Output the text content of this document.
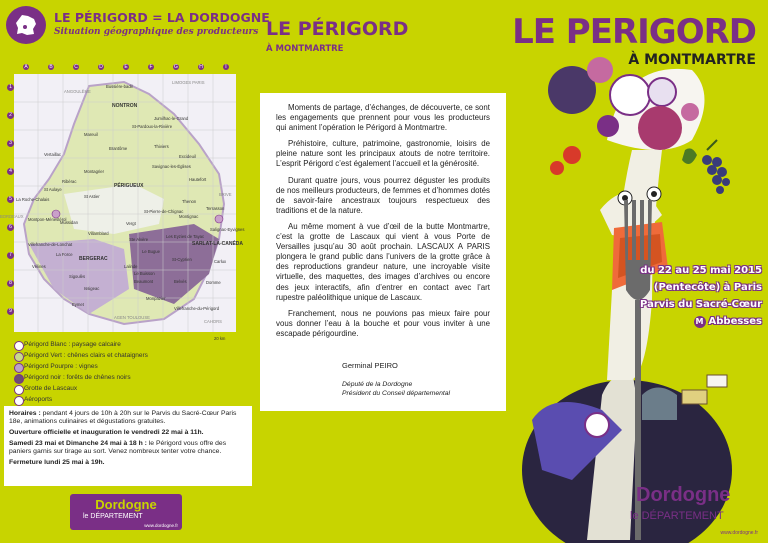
LE PÉRIGORD = LA DORDOGNE
Situation géographique des producteurs
A	B	C	D	E	F	G	H	I
1
2
3
4
5
6
7
8
9
Bussière-badil
LIMOGES PARIS
ANGOULÊME
NONTRON
St-Pardoux-la-Rivière
Jumilhac-le-Grand
Mareuil
Thiviers
Brantôme
Excideuil
Savignac-les-Églises
Vertaillac
Montagrier
Hautefort
Ribérac
St Aulaye
PÉRIGUEUX
La Roche-Chalais
St Astier	BRIVE
Terrasson
Thenon
BORDEAUX
Montpon-Ménestérol
Mussidan
St-Pierre-de-Chignac
Montignac
Vergt
Villamblard
Salignac-Eyvignes
Villefranche-de-Lonchat
Les Eyzies de Tayac
SARLAT-LA-CANÉDA
Ste Alvère
La Force
BERGERAC
Le Bugue
St-Cyprien	Carlux
Vélines	Lalinde
Le Buisson
Sigoulès
Beaumont	Belvès	Domme
Issigeac
Eymet
Monpazier
Villefranche-du-Périgord
AGEN TOULOUSE
CAHORS
20 km
Périgord Blanc : paysage calcaire
Périgord Vert : chênes clairs et chataigners
Périgord Pourpre : vignes
Périgord noir : forêts de chênes noirs
Grotte de Lascaux
Aéroports

Horaires : pendant 4 jours de 10h à 20h sur le Parvis du Sacré-Cœur Paris 18e, animations culinaires et dégustations gratuites.

Ouverture officielle et inauguration le vendredi 22 mai à 11h.

Samedi 23 mai et Dimanche 24 mai à 18 h : le Périgord vous offre des paniers garnis sur tirage au sort. Venez nombreux tenter votre chance.

Fermeture lundi 25 mai à 19h.

Dordogne
le DÉPARTEMENT
www.dordogne.fr
LE PÉRIGORD
À MONTMARTRE

Moments de partage, d’échanges, de découverte, ce sont les engagements que prennent pour vous les producteurs qui animent l’opération le Périgord à Montmartre.

Préhistoire, culture, patrimoine, gastronomie, loisirs de pleine nature sont les principaux atouts de notre territoire. L’esprit Périgord c’est également l’accueil et la générosité.

Durant quatre jours, vous pourrez déguster les produits de nos meilleurs producteurs, de femmes et d’hommes dotés de savoir-faire ancestraux toujours respectueux des traditions et de la nature.

Au même moment à vue d’œil de la butte Montmartre, c’est la grotte de Lascaux qui vient à vous Porte de Versailles jusqu’au 30 août prochain. LASCAUX A PARIS plongera le grand public dans l’univers de la grotte grâce à des reproductions grandeur nature, une incroyable visite virtuelle, des maquettes, des images d’archives ou encore des jeux interactifs, afin d’entrer en contact avec l’art rupestre paléolithique unique de Lascaux.

Franchement, nous ne pouvions pas mieux faire pour vous donner l’eau à la bouche et pour vous inviter à une escapade périgourdine.

Germinal PEIRO
Député de la Dordogne
Président du Conseil départemental
LE PERIGORD
À MONTMARTRE
du 22 au 25 mai 2015
(Pentecôte) à Paris
Parvis du Sacré-Cœur
M Abbesses
Dordogne
le DÉPARTEMENT
www.dordogne.fr
